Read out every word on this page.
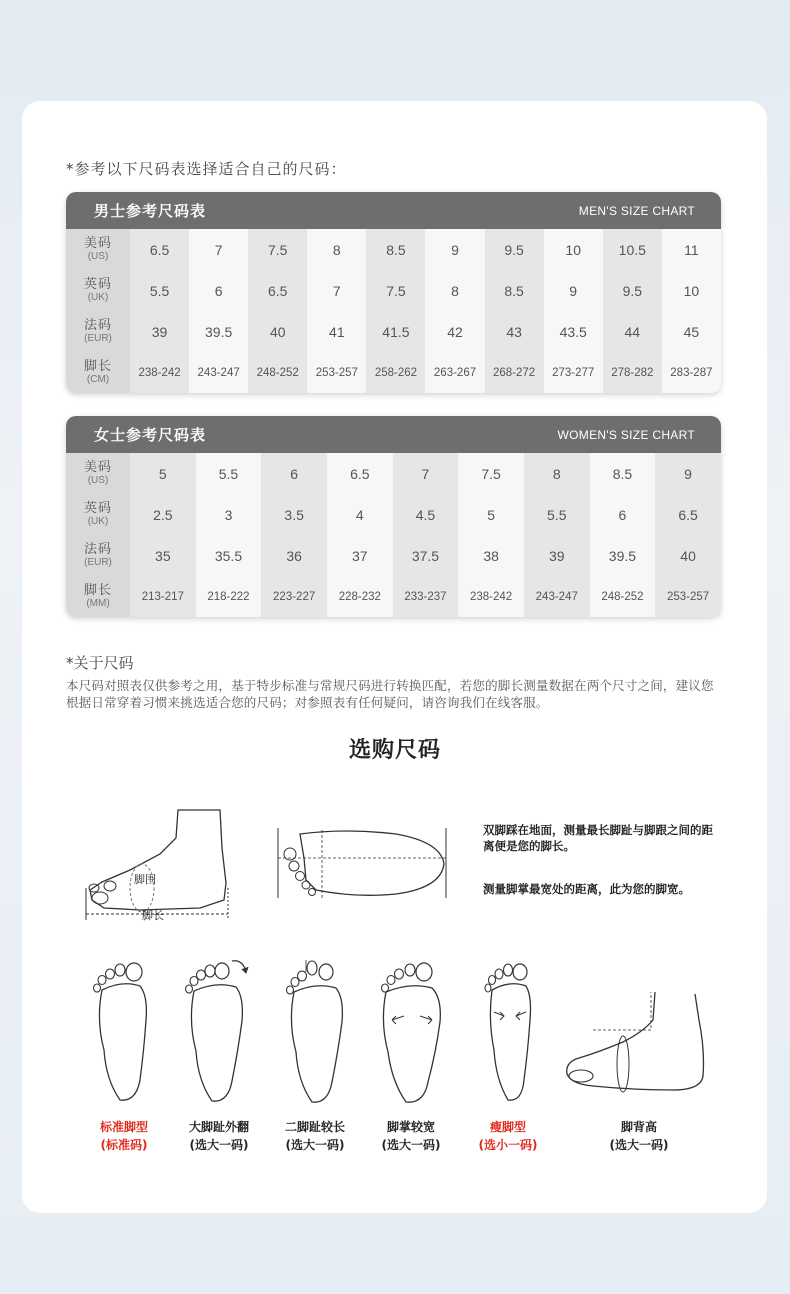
*参考以下尺码表选择适合自己的尺码：
男士参考尺码表	MEN'S SIZE CHART
美码
(US)	6.5	7	7.5	8	8.5	9	9.5	10	10.5	11
英码
(UK)	5.5	6	6.5	7	7.5	8	8.5	9	9.5	10
法码
(EUR)	39	39.5	40	41	41.5	42	43	43.5	44	45
脚长
(CM)
238-242	243-247	248-252	253-257	258-262	263-267	268-272	273-277	278-282	283-287
女士参考尺码表	WOMEN'S SIZE CHART
美码
(US)	5	5.5	6	6.5	7	7.5	8	8.5	9
英码
(UK)	2.5	3	3.5	4	4.5	5	5.5	6	6.5
法码
(EUR)	35	35.5	36	37	37.5	38	39	39.5	40
脚长
(MM)
213-217	218-222	223-227	228-232	233-237	238-242	243-247	248-252	253-257
*关于尺码
本尺码对照表仅供参考之用，基于特步标准与常规尺码进行转换匹配，若您的脚长测量数据在两个尺寸之间，建议您根据日常穿着习惯来挑选适合您的尺码；对参照表有任何疑问，请咨询我们在线客服。
选购尺码
脚围
脚长
双脚踩在地面，测量最长脚趾与脚跟之间的距离便是您的脚长。
测量脚掌最宽处的距离，此为您的脚宽。
标准脚型
(标准码)
大脚趾外翻
(选大一码)
二脚趾较长
(选大一码)
脚掌较宽
(选大一码)
瘦脚型
(选小一码)
脚背高
(选大一码)
